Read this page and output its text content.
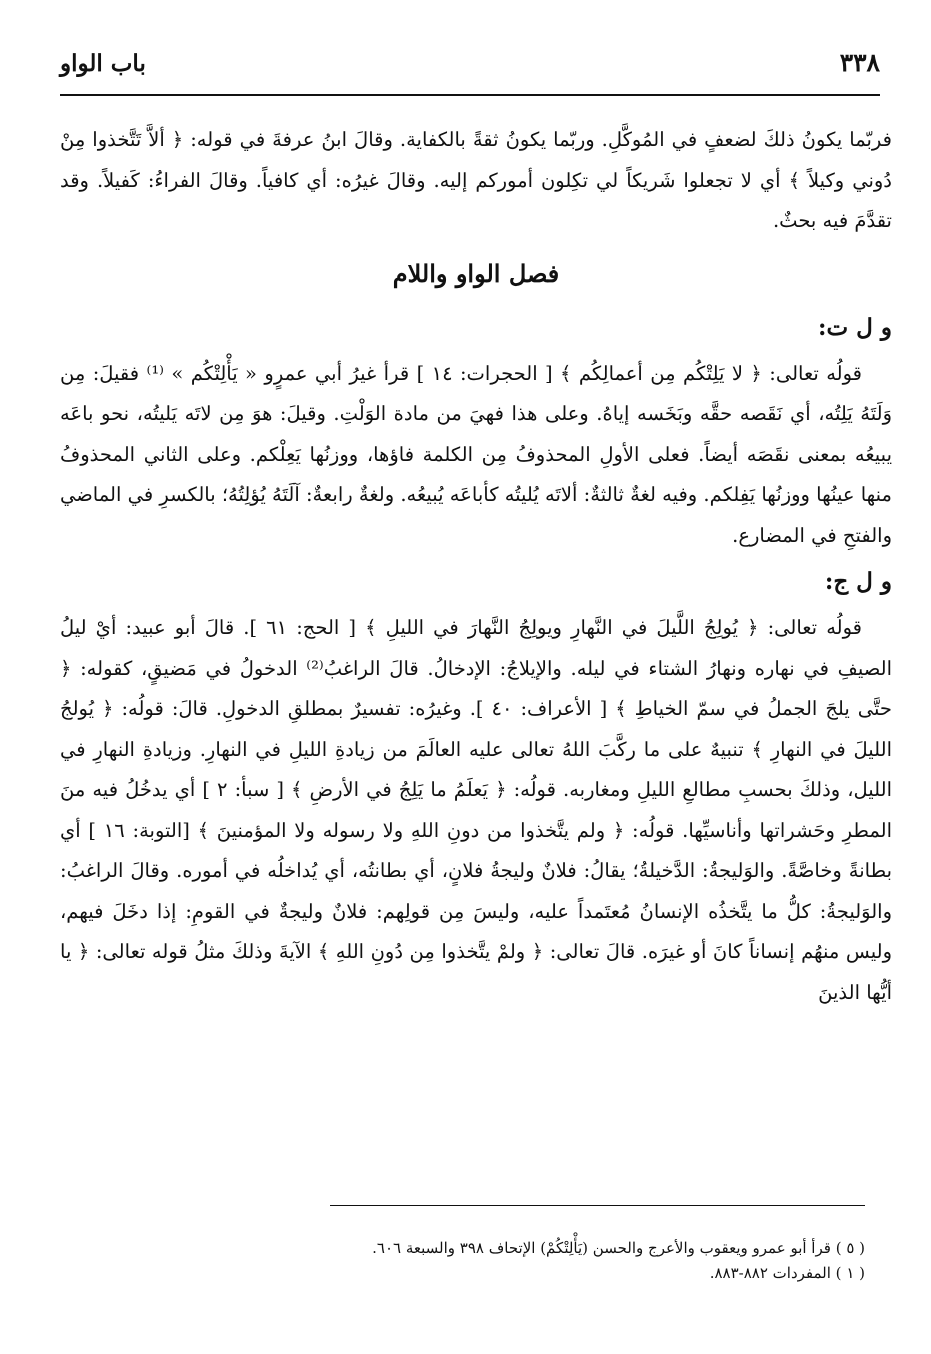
٣٣٨
باب الواو

فربّما يكونُ ذلكَ لضعفٍ في المُوكَّلِ. وربّما يكونُ ثقةً بالكفاية. وقالَ ابنُ عرفةَ في قوله: ﴿ ألاَّ تَتَّخذوا مِنْ دُوني وكيلاً ﴾ أي لا تجعلوا شَريكاً لي تكِلون أموركم إليه. وقالَ غيرُه: أي كافياً. وقالَ الفراءُ: كَفيلاً. وقد تقدَّمَ فيه بحثٌ.

فصل الواو واللام
و ل ت:

قولُه تعالى: ﴿ لا يَلِتْكُم مِن أعمالِكُم ﴾ [ الحجرات: ١٤ ] قرأ غيرُ أبي عمرٍو « يَأْلِتْكُم » ⁽¹⁾ فقيلَ: مِن وَلَتَهُ يَلِتُه، أي نَقَصه حقَّه وبَخَسه إياهُ. وعلى هذا فهيَ من مادة الوَلْتِ. وقيلَ: هوَ مِن لاتَه يَليتُه، نحو باعَه يبيعُه بمعنى نقَصَه أيضاً. فعلى الأولِ المحذوفُ مِن الكلمة فاؤها، ووزنُها يَعِلْكم. وعلى الثاني المحذوفُ منها عينُها ووزنُها يَفِلكم. وفيه لغةٌ ثالثةٌ: ألاتَه يُليتُه كأباعَه يُبيعُه. ولغةٌ رابعةٌ: آلَتَهُ يُؤلِتُهُ؛ بالكسرِ في الماضي والفتحِ في المضارع.

و ل ج:

قولُه تعالى: ﴿ يُولِجُ اللَّيلَ في النَّهارِ ويولِجُ النَّهارَ في الليلِ ﴾ [ الحج: ٦١ ]. قالَ أبو عبيد: أيْ ليلُ الصيفِ في نهاره ونهارُ الشتاء في ليله. والإيلاجُ: الإدخالُ. قالَ الراغبُ⁽²⁾ الدخولُ في مَضيقٍ، كقوله: ﴿ حتَّى يلجَ الجملُ في سمّ الخياطِ ﴾ [ الأعراف: ٤٠ ]. وغيرُه: تفسيرٌ بمطلقِ الدخولِ. قالَ: قولُه: ﴿ يُولجُ الليلَ في النهارِ ﴾ تنبيهٌ على ما ركَّبَ اللهُ تعالى عليه العالَمَ من زيادةِ الليلِ في النهارِ. وزيادةِ النهارِ في الليل، وذلكَ بحسبِ مطالعِ الليلِ ومغاربه. قولُه: ﴿ يَعلَمُ ما يَلِجُ في الأرضِ ﴾ [ سبأ: ٢ ] أي يدخُلُ فيه منَ المطرِ وحَشراتها وأناسيِّها. قولُه: ﴿ ولم يتَّخذوا من دونِ اللهِ ولا رسوله ولا المؤمنينَ ﴾ [التوبة: ١٦ ] أي بطانةً وخاصَّةً. والوَليجةُ: الدَّخيلةُ؛ يقالُ: فلانٌ وليجةُ فلانٍ، أي بطانتُه، أي يُداخلُه في أموره. وقالَ الراغبُ: والوَليجةُ: كلُّ ما يتَّخذُه الإنسانُ مُعتَمداً عليه، وليسَ مِن قولِهم: فلانٌ وليجةٌ في القومِ: إذا دخَلَ فيهم، وليس منهُم إنساناً كانَ أو غيرَه. قالَ تعالى: ﴿ ولمْ يتَّخذوا مِن دُونِ اللهِ ﴾ الآيةَ وذلكَ مثلُ قوله تعالى: ﴿ يا أيُّها الذينَ

( ٥ ) قرأ أبو عمرو ويعقوب والأعرج والحسن (يَأْلِتْكُمْ) الإتحاف ٣٩٨ والسبعة ٦٠٦.

( ١ ) المفردات ٨٨٢-٨٨٣.
